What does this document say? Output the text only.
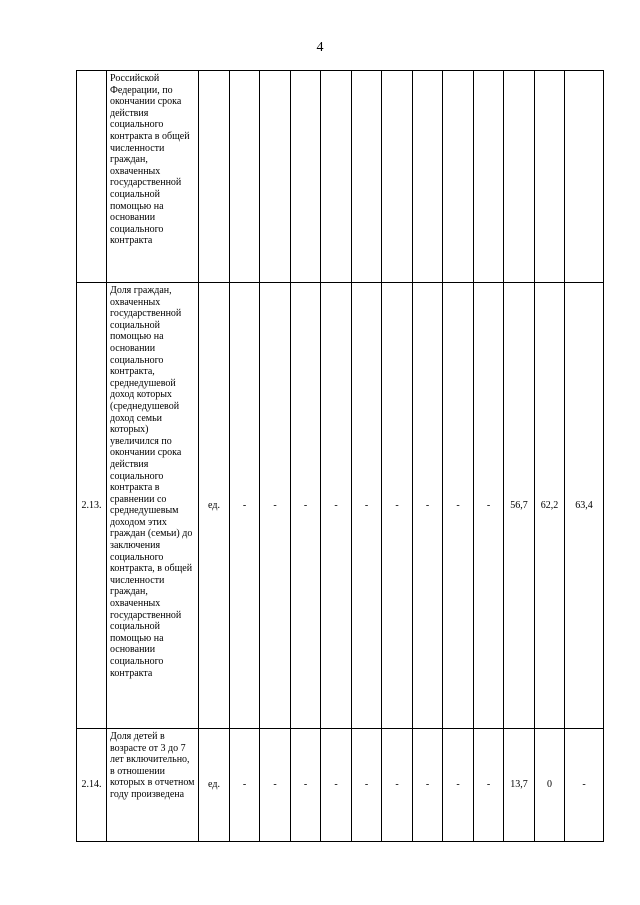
4
	Российской Федерации, по окончании срока действия социального контракта в общей численности граждан, охваченных государственной социальной помощью на основании социального контракта													
2.13.	Доля граждан, охваченных государственной социальной помощью на основании социального контракта, среднедушевой доход которых (среднедушевой доход семьи которых) увеличился по окончании срока действия социального контракта в сравнении со среднедушевым доходом этих граждан (семьи) до заключения социального контракта, в общей численности граждан, охваченных государственной социальной помощью на основании социального контракта	ед.	-	-	-	-	-	-	-	-	-	56,7	62,2	63,4
2.14.	Доля детей в возрасте от 3 до 7 лет включительно, в отношении которых в отчетном году произведена	ед.	-	-	-	-	-	-	-	-	-	13,7	0	-
